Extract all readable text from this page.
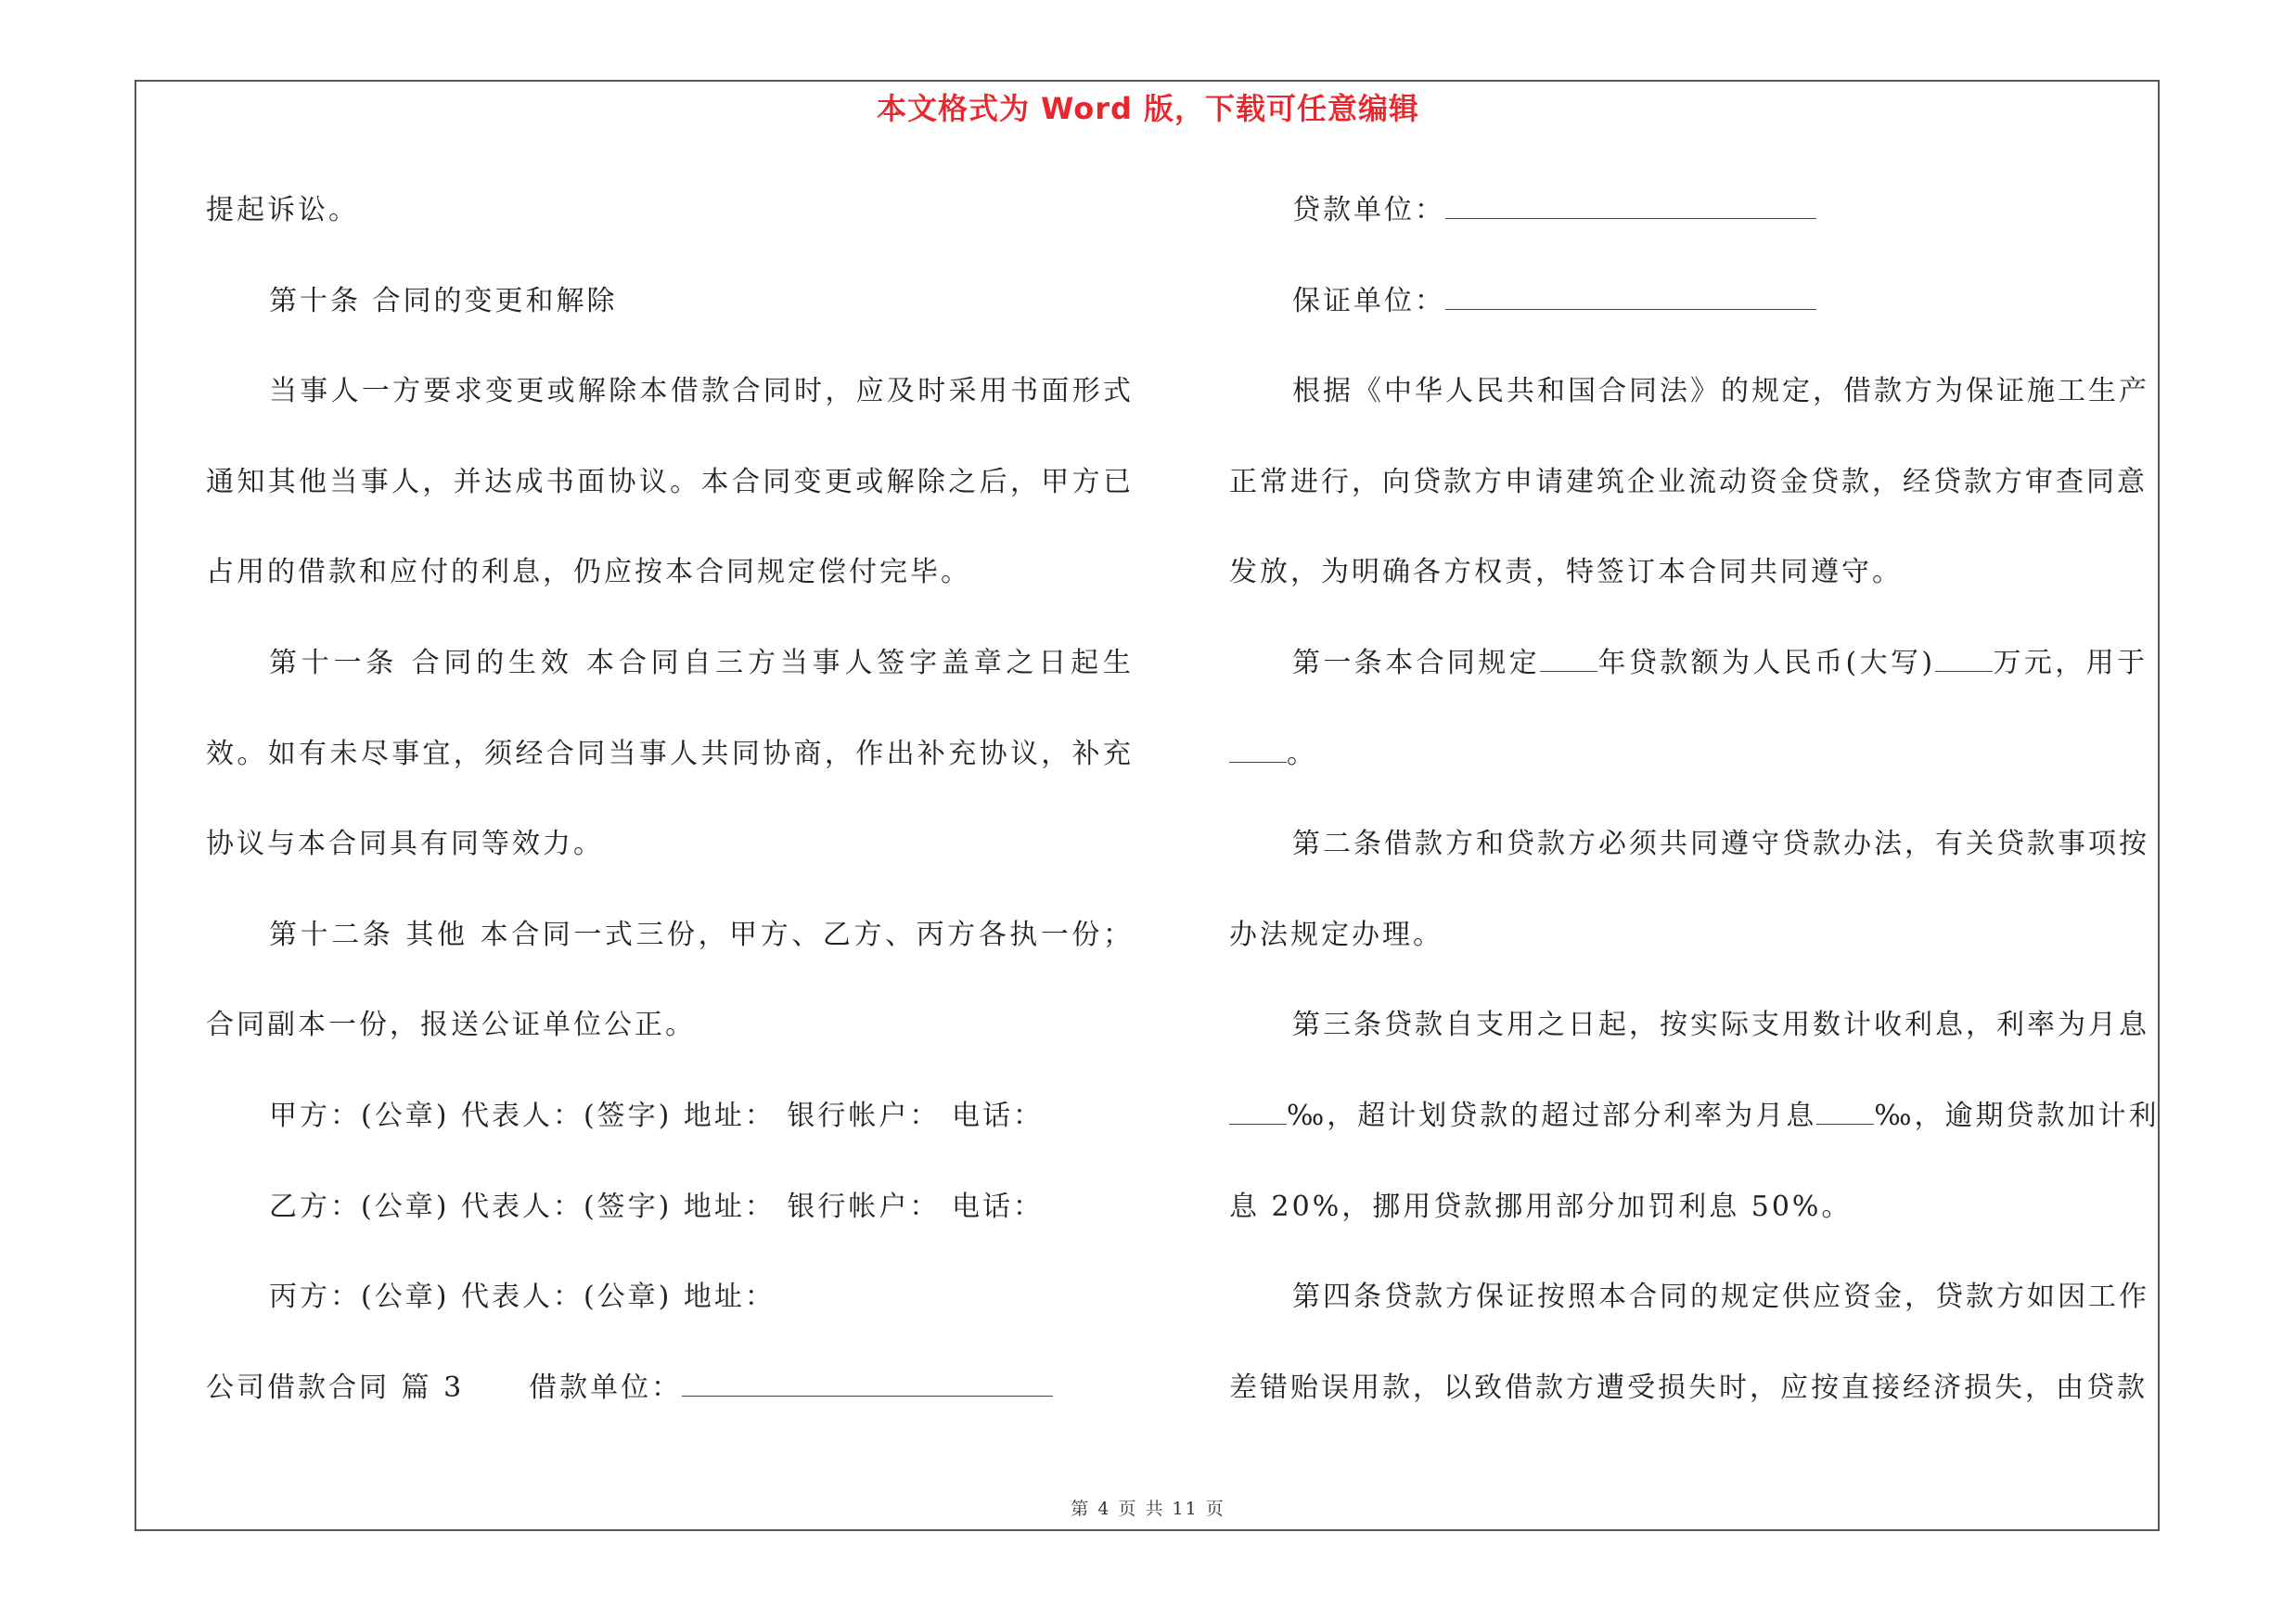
本文格式为 Word 版，下载可任意编辑
提起诉讼。
第十条 合同的变更和解除
当事人一方要求变更或解除本借款合同时，应及时采用书面形式
通知其他当事人，并达成书面协议。本合同变更或解除之后，甲方已
占用的借款和应付的利息，仍应按本合同规定偿付完毕。
第十一条 合同的生效 本合同自三方当事人签字盖章之日起生
效。如有未尽事宜，须经合同当事人共同协商，作出补充协议，补充
协议与本合同具有同等效力。
第十二条 其他 本合同一式三份，甲方、乙方、丙方各执一份；
合同副本一份，报送公证单位公正。
甲方：(公章) 代表人：(签字) 地址： 银行帐户： 电话：
乙方：(公章) 代表人：(签字) 地址： 银行帐户： 电话：
丙方：(公章) 代表人：(公章) 地址：
公司借款合同 篇 3 借款单位：
贷款单位：
保证单位：
根据《中华人民共和国合同法》的规定，借款方为保证施工生产
正常进行，向贷款方申请建筑企业流动资金贷款，经贷款方审查同意
发放，为明确各方权责，特签订本合同共同遵守。
第一条本合同规定 年贷款额为人民币(大写) 万元，用于
。
第二条借款方和贷款方必须共同遵守贷款办法，有关贷款事项按
办法规定办理。
第三条贷款自支用之日起，按实际支用数计收利息，利率为月息
‰，超计划贷款的超过部分利率为月息 ‰，逾期贷款加计利
息 20%，挪用贷款挪用部分加罚利息 50%。
第四条贷款方保证按照本合同的规定供应资金，贷款方如因工作
差错贻误用款，以致借款方遭受损失时，应按直接经济损失，由贷款
第 4 页 共 11 页
